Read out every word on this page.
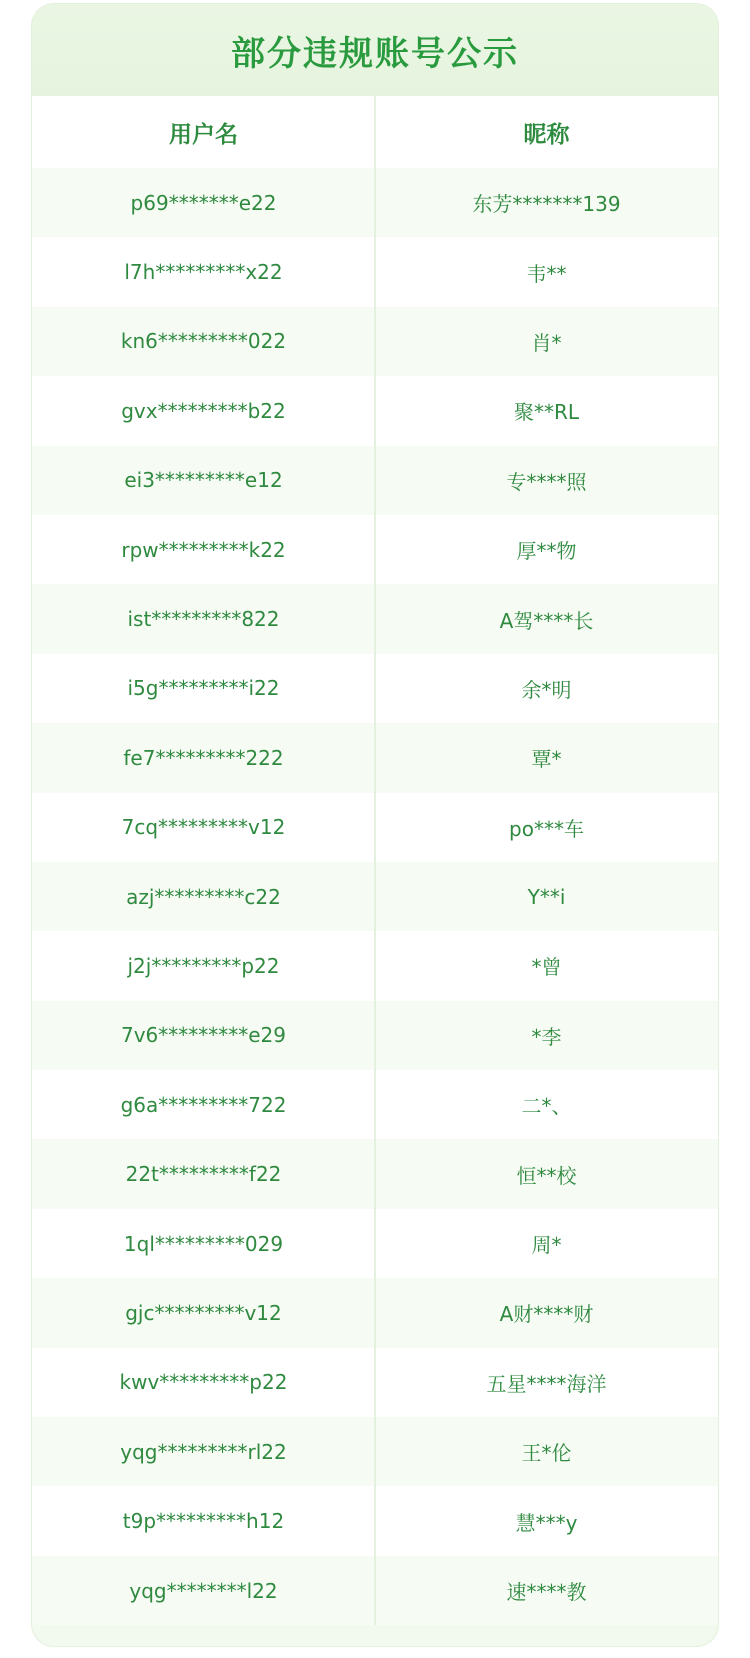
部分违规账号公示
用户名	昵称
p69*******e22	东芳*******139
l7h*********x22	韦**
kn6*********022	肖*
gvx*********b22	聚**RL
ei3*********e12	专****照
rpw*********k22	厚**物
ist*********822	A驾****长
i5g*********i22	余*明
fe7*********222	覃*
7cq*********v12	po***车
azj*********c22	Y**i
j2j*********p22	*曾
7v6*********e29	*李
g6a*********722	二*、
22t*********f22	恒**校
1ql*********029	周*
gjc*********v12	A财****财
kwv*********p22	五星****海洋
yqg*********rl22	王*伦
t9p*********h12	慧***y
yqg********l22	速****教
